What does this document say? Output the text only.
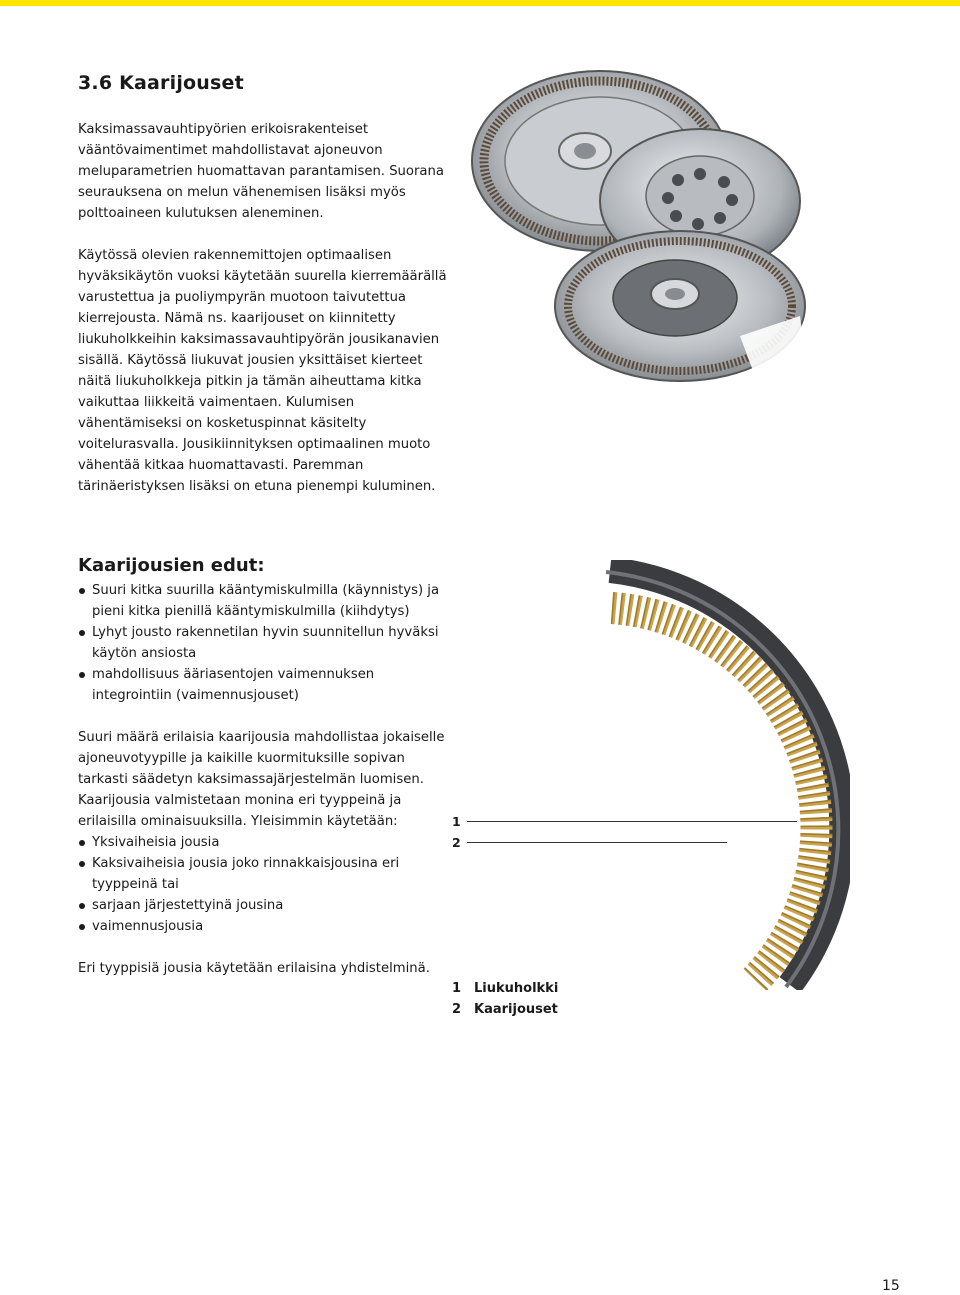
3.6 Kaarijouset

Kaksimassavauhtipyörien erikoisrakenteiset vääntövaimentimet mahdollistavat ajoneuvon meluparametrien huomattavan parantamisen. Suorana seurauksena on melun vähenemisen lisäksi myös polttoaineen kulutuksen aleneminen.

Käytössä olevien rakennemittojen optimaalisen hyväksikäytön vuoksi käytetään suurella kierremäärällä varustettua ja puoliympyrän muotoon taivutettua kierrejousta. Nämä ns. kaarijouset on kiinnitetty liukuholkkeihin kaksimassavauhtipyörän jousikanavien sisällä. Käytössä liukuvat jousien yksittäiset kierteet näitä liukuholkkeja pitkin ja tämän aiheuttama kitka vaikuttaa liikkeitä vaimentaen. Kulumisen vähentämiseksi on kosketuspinnat käsitelty voitelurasvalla. Jousikiinnityksen optimaalinen muoto vähentää kitkaa huomattavasti. Paremman tärinäeristyksen lisäksi on etuna pienempi kuluminen.

Kaarijousien edut:
Suuri kitka suurilla kääntymiskulmilla (käynnistys) ja pieni kitka pienillä kääntymiskulmilla (kiihdytys)
Lyhyt jousto rakennetilan hyvin suunnitellun hyväksi käytön ansiosta
mahdollisuus ääriasentojen vaimennuksen integrointiin (vaimennusjouset)

Suuri määrä erilaisia kaarijousia mahdollistaa jokaiselle ajoneuvotyypille ja kaikille kuormituksille sopivan tarkasti säädetyn kaksimassajärjestelmän luomisen. Kaarijousia valmistetaan monina eri tyyppeinä ja erilaisilla ominaisuuksilla. Yleisimmin käytetään:

Yksivaiheisia jousia
Kaksivaiheisia jousia joko rinnakkaisjousina eri tyyppeinä tai
sarjaan järjestettyinä jousina
vaimennusjousia

Eri tyyppisiä jousia käytetään erilaisina yhdistelminä.

1
2
1 Liukuholkki
2 Kaarijouset
15
